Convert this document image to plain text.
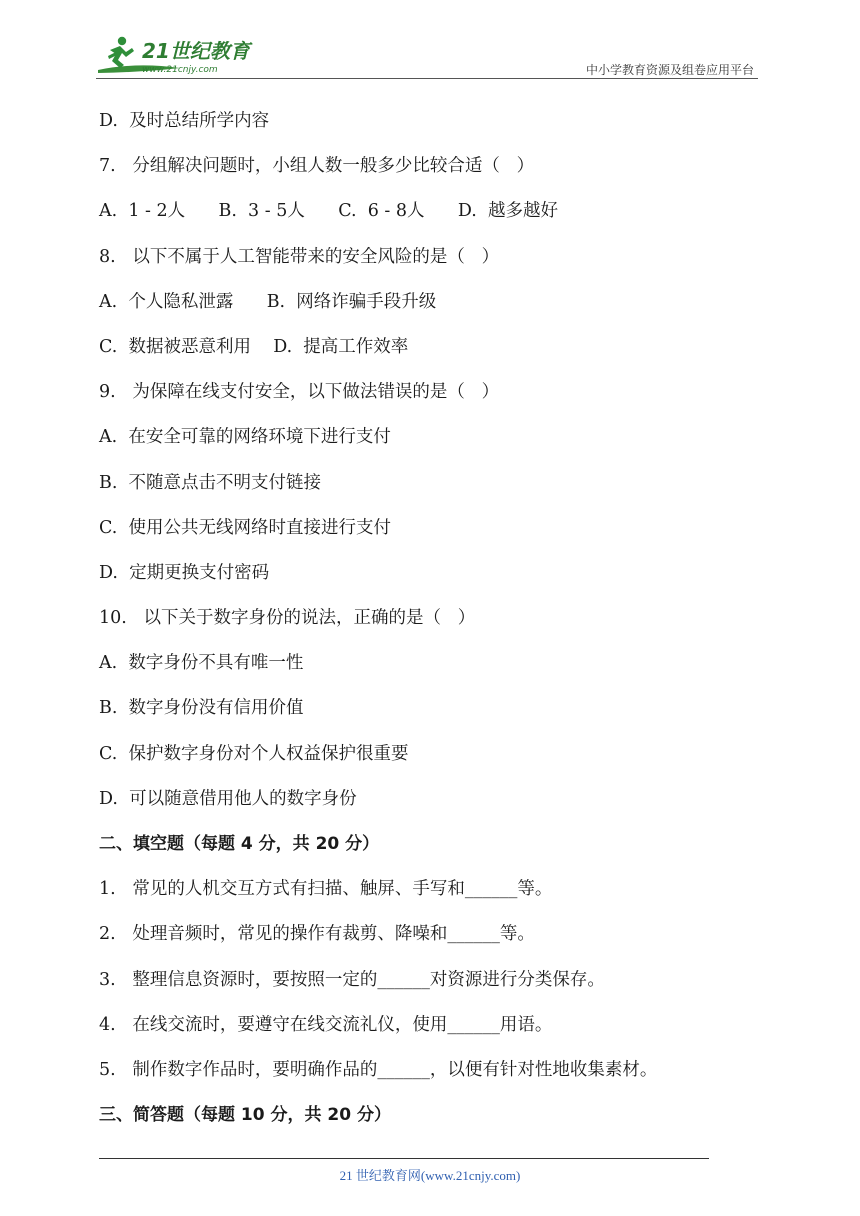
21世纪教育
www.21cnjy.com	中小学教育资源及组卷应用平台
D.  及时总结所学内容
7.   分组解决问题时，小组人数一般多少比较合适（   ）
A.  1 - 2人      B.  3 - 5人      C.  6 - 8人      D.  越多越好
8.   以下不属于人工智能带来的安全风险的是（   ）
A.  个人隐私泄露      B.  网络诈骗手段升级
C.  数据被恶意利用    D.  提高工作效率
9.   为保障在线支付安全，以下做法错误的是（   ）
A.  在安全可靠的网络环境下进行支付
B.  不随意点击不明支付链接
C.  使用公共无线网络时直接进行支付
D.  定期更换支付密码
10.   以下关于数字身份的说法，正确的是（   ）
A.  数字身份不具有唯一性
B.  数字身份没有信用价值
C.  保护数字身份对个人权益保护很重要
D.  可以随意借用他人的数字身份
二、填空题（每题 4 分，共 20 分）
1.   常见的人机交互方式有扫描、触屏、手写和______等。
2.   处理音频时，常见的操作有裁剪、降噪和______等。
3.   整理信息资源时，要按照一定的______对资源进行分类保存。
4.   在线交流时，要遵守在线交流礼仪，使用______用语。
5.   制作数字作品时，要明确作品的______，以便有针对性地收集素材。
三、简答题（每题 10 分，共 20 分）
21 世纪教育网(www.21cnjy.com)
